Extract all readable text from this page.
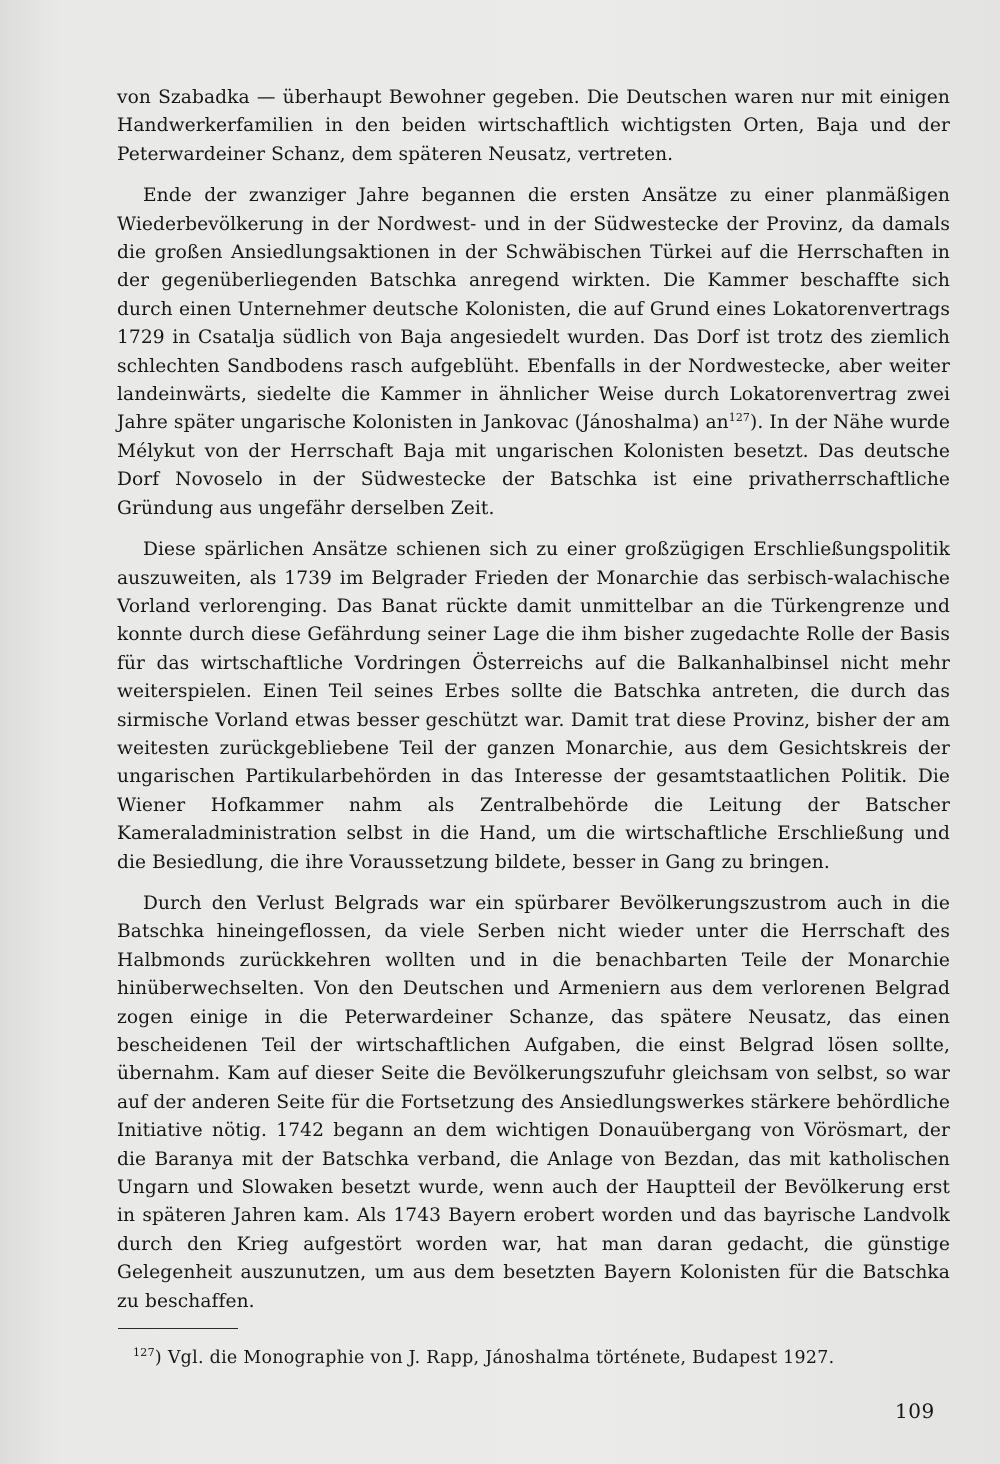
von Szabadka — überhaupt Bewohner gegeben. Die Deutschen waren nur mit einigen Handwerkerfamilien in den beiden wirtschaftlich wichtigsten Orten, Baja und der Peterwardeiner Schanz, dem späteren Neusatz, vertreten.

Ende der zwanziger Jahre begannen die ersten Ansätze zu einer planmäßigen Wiederbevölkerung in der Nordwest- und in der Südwestecke der Provinz, da damals die großen Ansiedlungsaktionen in der Schwäbischen Türkei auf die Herrschaften in der gegenüberliegenden Batschka anregend wirkten. Die Kammer beschaffte sich durch einen Unternehmer deutsche Kolonisten, die auf Grund eines Lokatorenvertrags 1729 in Csatalja südlich von Baja angesiedelt wurden. Das Dorf ist trotz des ziemlich schlechten Sandbodens rasch aufgeblüht. Ebenfalls in der Nordwestecke, aber weiter landeinwärts, siedelte die Kammer in ähnlicher Weise durch Lokatorenvertrag zwei Jahre später ungarische Kolonisten in Jankovac (Jánoshalma) an$^{127}$). In der Nähe wurde Mélykut von der Herrschaft Baja mit ungarischen Kolonisten besetzt. Das deutsche Dorf Novoselo in der Südwestecke der Batschka ist eine privatherrschaftliche Gründung aus ungefähr derselben Zeit.

Diese spärlichen Ansätze schienen sich zu einer großzügigen Erschließungspolitik auszuweiten, als 1739 im Belgrader Frieden der Monarchie das serbisch-walachische Vorland verlorenging. Das Banat rückte damit unmittelbar an die Türkengrenze und konnte durch diese Gefährdung seiner Lage die ihm bisher zugedachte Rolle der Basis für das wirtschaftliche Vordringen Österreichs auf die Balkanhalbinsel nicht mehr weiterspielen. Einen Teil seines Erbes sollte die Batschka antreten, die durch das sirmische Vorland etwas besser geschützt war. Damit trat diese Provinz, bisher der am weitesten zurückgebliebene Teil der ganzen Monarchie, aus dem Gesichtskreis der ungarischen Partikularbehörden in das Interesse der gesamtstaatlichen Politik. Die Wiener Hofkammer nahm als Zentralbehörde die Leitung der Batscher Kameraladministration selbst in die Hand, um die wirtschaftliche Erschließung und die Besiedlung, die ihre Voraussetzung bildete, besser in Gang zu bringen.

Durch den Verlust Belgrads war ein spürbarer Bevölkerungszustrom auch in die Batschka hineingeflossen, da viele Serben nicht wieder unter die Herrschaft des Halbmonds zurückkehren wollten und in die benachbarten Teile der Monarchie hinüberwechselten. Von den Deutschen und Armeniern aus dem verlorenen Belgrad zogen einige in die Peterwardeiner Schanze, das spätere Neusatz, das einen bescheidenen Teil der wirtschaftlichen Aufgaben, die einst Belgrad lösen sollte, übernahm. Kam auf dieser Seite die Bevölkerungszufuhr gleichsam von selbst, so war auf der anderen Seite für die Fortsetzung des Ansiedlungswerkes stärkere behördliche Initiative nötig. 1742 begann an dem wichtigen Donauübergang von Vörösmart, der die Baranya mit der Batschka verband, die Anlage von Bezdan, das mit katholischen Ungarn und Slowaken besetzt wurde, wenn auch der Hauptteil der Bevölkerung erst in späteren Jahren kam. Als 1743 Bayern erobert worden und das bayrische Landvolk durch den Krieg aufgestört worden war, hat man daran gedacht, die günstige Gelegenheit auszunutzen, um aus dem besetzten Bayern Kolonisten für die Batschka zu beschaffen.

$^{127}$) Vgl. die Monographie von J. Rapp, Jánoshalma története, Budapest 1927.

109
